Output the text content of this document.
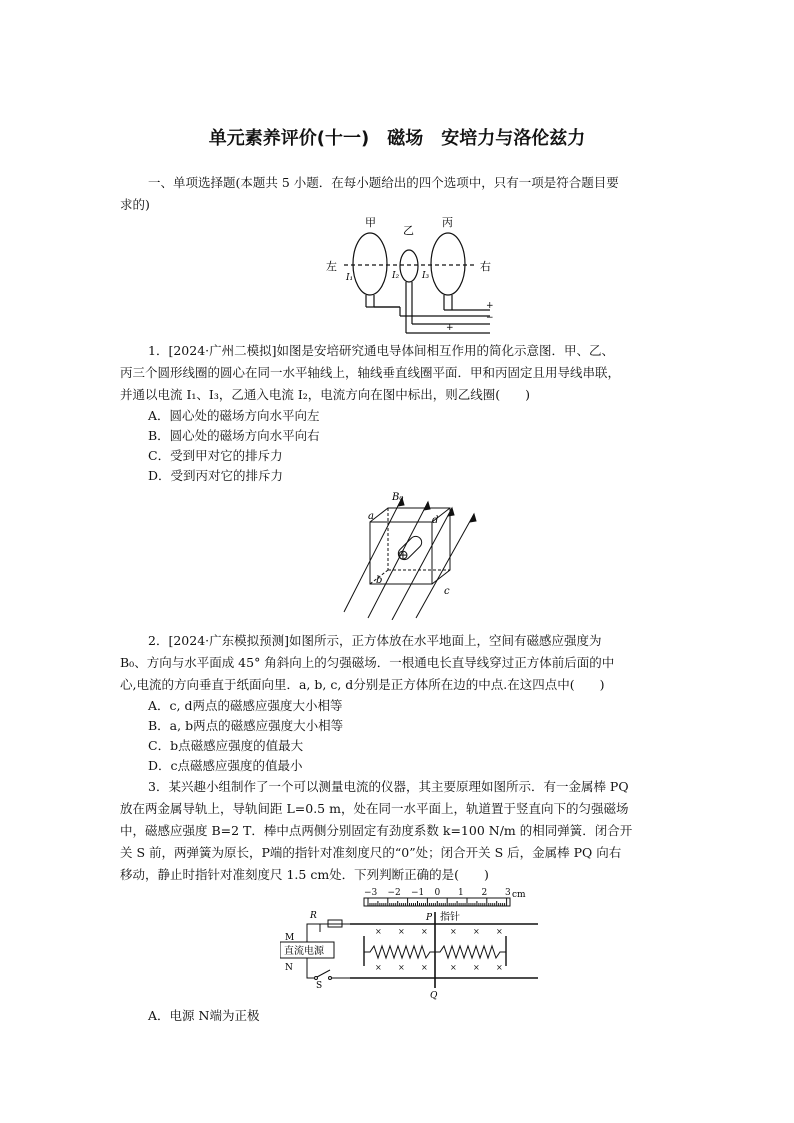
单元素养评价(十一)　磁场　安培力与洛伦兹力
一、单项选择题(本题共 5 小题．在每小题给出的四个选项中，只有一项是符合题目要
求的)
甲
乙
丙
左	右
I₁	I₂	I₃
+
−
+
1．[2024·广州二模拟]如图是安培研究通电导体间相互作用的简化示意图．甲、乙、
丙三个圆形线圈的圆心在同一水平轴线上，轴线垂直线圈平面．甲和丙固定且用导线串联，
并通以电流 I₁、I₃，乙通入电流 I₂，电流方向在图中标出，则乙线圈(　　)
A．圆心处的磁场方向水平向左
B．圆心处的磁场方向水平向右
C．受到甲对它的排斥力
D．受到丙对它的排斥力
B₀
a	d
b
c
2．[2024·广东模拟预测]如图所示，正方体放在水平地面上，空间有磁感应强度为
B₀、方向与水平面成 45° 角斜向上的匀强磁场．一根通电长直导线穿过正方体前后面的中
心,电流的方向垂直于纸面向里．a, b, c, d分别是正方体所在边的中点.在这四点中(　　)
A．c, d两点的磁感应强度大小相等
B．a, b两点的磁感应强度大小相等
C．b点磁感应强度的值最大
D．c点磁感应强度的值最小
3．某兴趣小组制作了一个可以测量电流的仪器，其主要原理如图所示．有一金属棒 PQ
放在两金属导轨上，导轨间距 L=0.5 m，处在同一水平面上，轨道置于竖直向下的匀强磁场
中，磁感应强度 B=2 T．棒中点两侧分别固定有劲度系数 k=100 N/m 的相同弹簧．闭合开
关 S 前，两弹簧为原长，P端的指针对准刻度尺的“0”处；闭合开关 S 后，金属棒 PQ 向右
移动，静止时指针对准刻度尺 1.5 cm处．下列判断正确的是(　　)
× × ×	× × ×
× × ×	× × ×
−3 −2 −1 0 1 2 3 cm
P 指针
Q
R
M
N
直流电源
S
A．电源 N端为正极
